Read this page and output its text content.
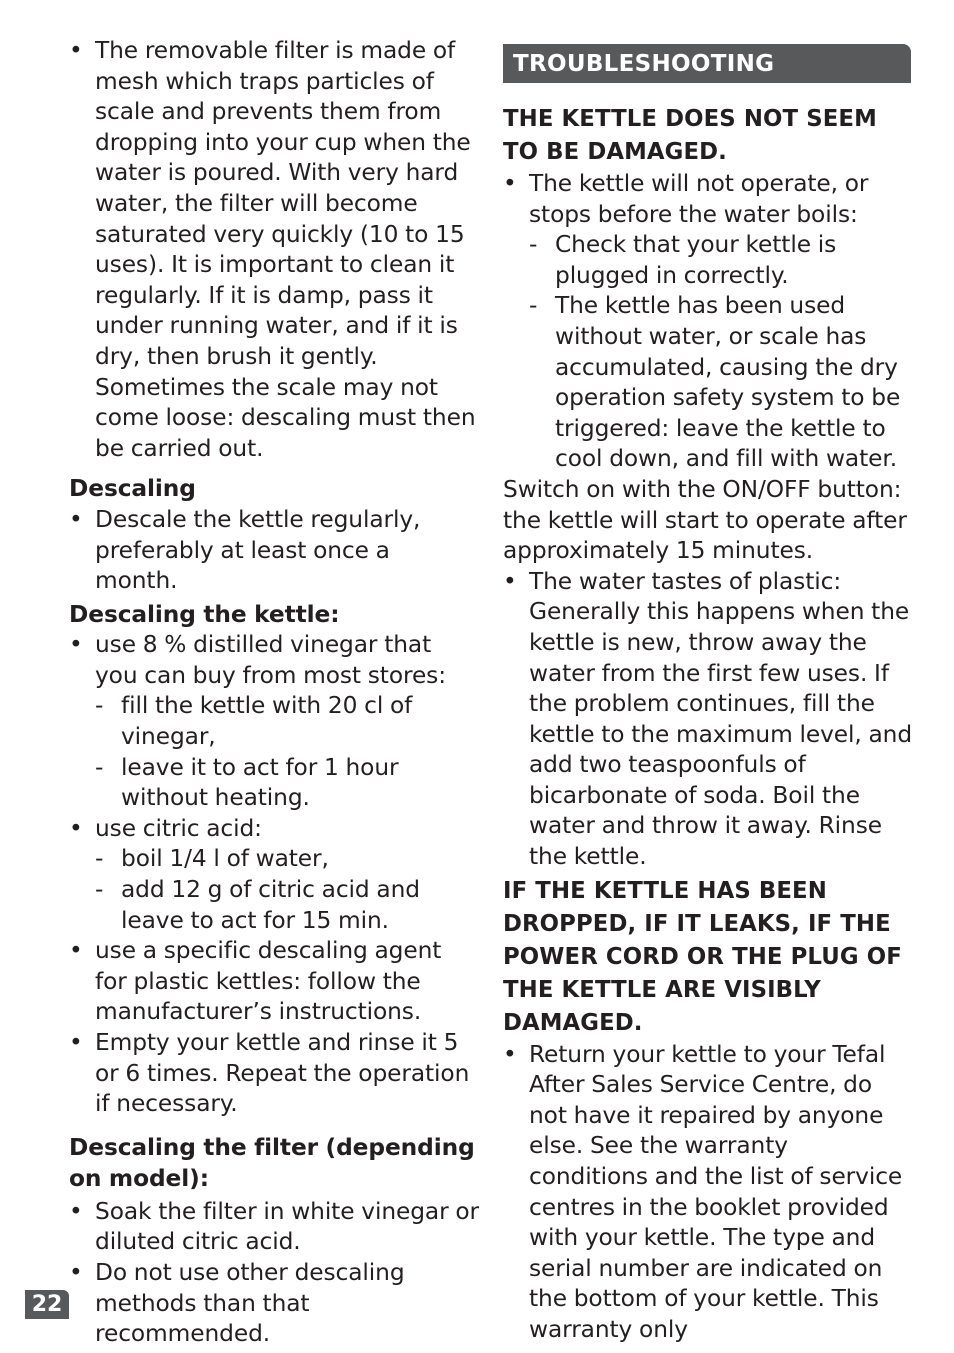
• The removable filter is made of mesh which traps particles of scale and prevents them from dropping into your cup when the water is poured. With very hard water, the filter will become saturated very quickly (10 to 15 uses). It is important to clean it regularly. If it is damp, pass it under running water, and if it is dry, then brush it gently. Sometimes the scale may not come loose: descaling must then be carried out.

Descaling

• Descale the kettle regularly, preferably at least once a month.

Descaling the kettle:

• use 8 % distilled vinegar that you can buy from most stores:

- fill the kettle with 20 cl of vinegar,

- leave it to act for 1 hour without heating.

• use citric acid:

- boil 1/4 l of water,

- add 12 g of citric acid and leave to act for 15 min.

• use a specific descaling agent for plastic kettles: follow the manufacturer’s instructions.

• Empty your kettle and rinse it 5 or 6 times. Repeat the operation if necessary.

Descaling the filter (depending on model):

• Soak the filter in white vinegar or diluted citric acid.

• Do not use other descaling methods than that recommended.

TROUBLESHOOTING

THE KETTLE DOES NOT SEEM TO BE DAMAGED.

• The kettle will not operate, or stops before the water boils:

- Check that your kettle is plugged in correctly.

- The kettle has been used without water, or scale has accumulated, causing the dry operation safety system to be triggered: leave the kettle to cool down, and fill with water.

Switch on with the ON/OFF button: the kettle will start to operate after approximately 15 minutes.

• The water tastes of plastic: Generally this happens when the kettle is new, throw away the water from the first few uses. If the problem continues, fill the kettle to the maximum level, and add two teaspoonfuls of bicarbonate of soda. Boil the water and throw it away. Rinse the kettle.

IF THE KETTLE HAS BEEN DROPPED, IF IT LEAKS, IF THE POWER CORD OR THE PLUG OF THE KETTLE ARE VISIBLY DAMAGED.

• Return your kettle to your Tefal After Sales Service Centre, do not have it repaired by anyone else. See the warranty conditions and the list of service centres in the booklet provided with your kettle. The type and serial number are indicated on the bottom of your kettle. This warranty only

22
